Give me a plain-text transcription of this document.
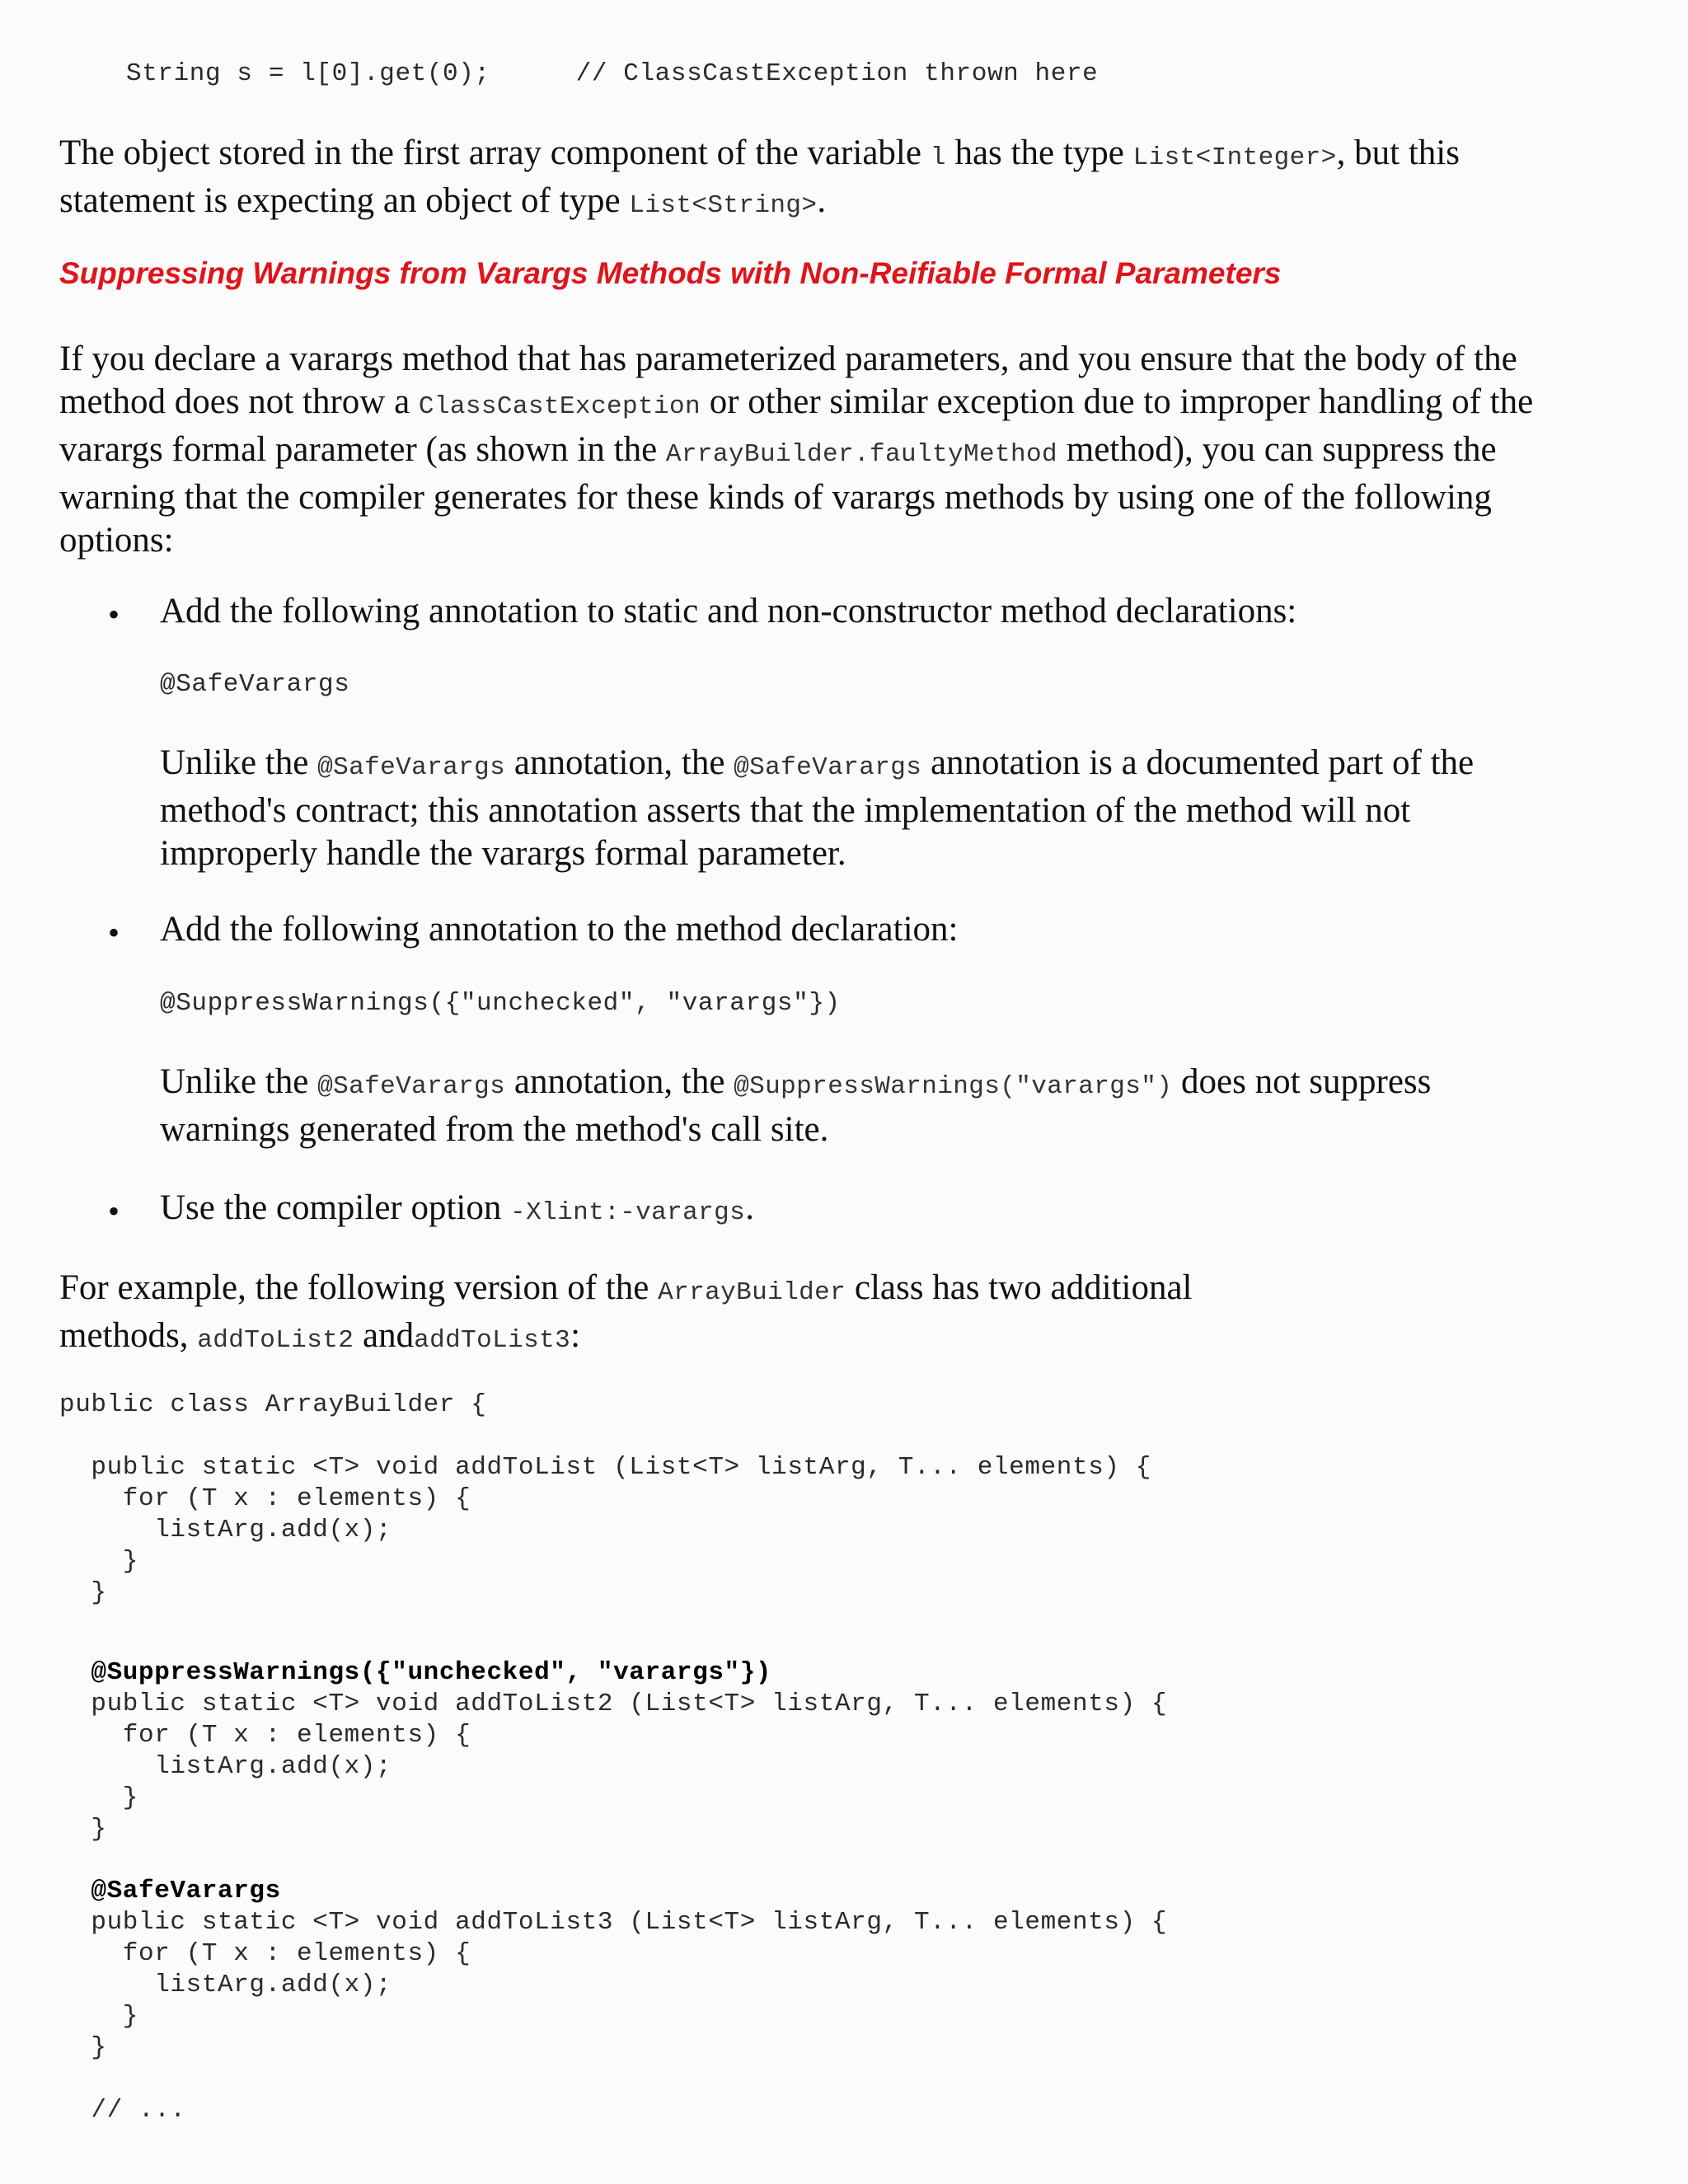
String s = l[0].get(0);	// ClassCastException thrown here

The object stored in the first array component of the variable l has the type List<Integer>, but this
statement is expecting an object of type List<String>.

Suppressing Warnings from Varargs Methods with Non-Reifiable Formal Parameters

If you declare a varargs method that has parameterized parameters, and you ensure that the body of the
method does not throw a ClassCastException or other similar exception due to improper handling of the
varargs formal parameter (as shown in the ArrayBuilder.faultyMethod method), you can suppress the
warning that the compiler generates for these kinds of varargs methods by using one of the following
options:

• Add the following annotation to static and non-constructor method declarations:

@SafeVarargs

Unlike the @SafeVarargs annotation, the @SafeVarargs annotation is a documented part of the
method's contract; this annotation asserts that the implementation of the method will not
improperly handle the varargs formal parameter.

• Add the following annotation to the method declaration:

@SuppressWarnings({"unchecked", "varargs"})

Unlike the @SafeVarargs annotation, the @SuppressWarnings("varargs") does not suppress
warnings generated from the method's call site.

• Use the compiler option -Xlint:-varargs.

For example, the following version of the ArrayBuilder class has two additional
methods, addToList2 andaddToList3:

public class ArrayBuilder {
public static <T> void addToList (List<T> listArg, T... elements) {
for (T x : elements) {
listArg.add(x);
}
}
@SuppressWarnings({"unchecked", "varargs"})
public static <T> void addToList2 (List<T> listArg, T... elements) {
for (T x : elements) {
listArg.add(x);
}
}
@SafeVarargs
public static <T> void addToList3 (List<T> listArg, T... elements) {
for (T x : elements) {
listArg.add(x);
}
}
// ...
